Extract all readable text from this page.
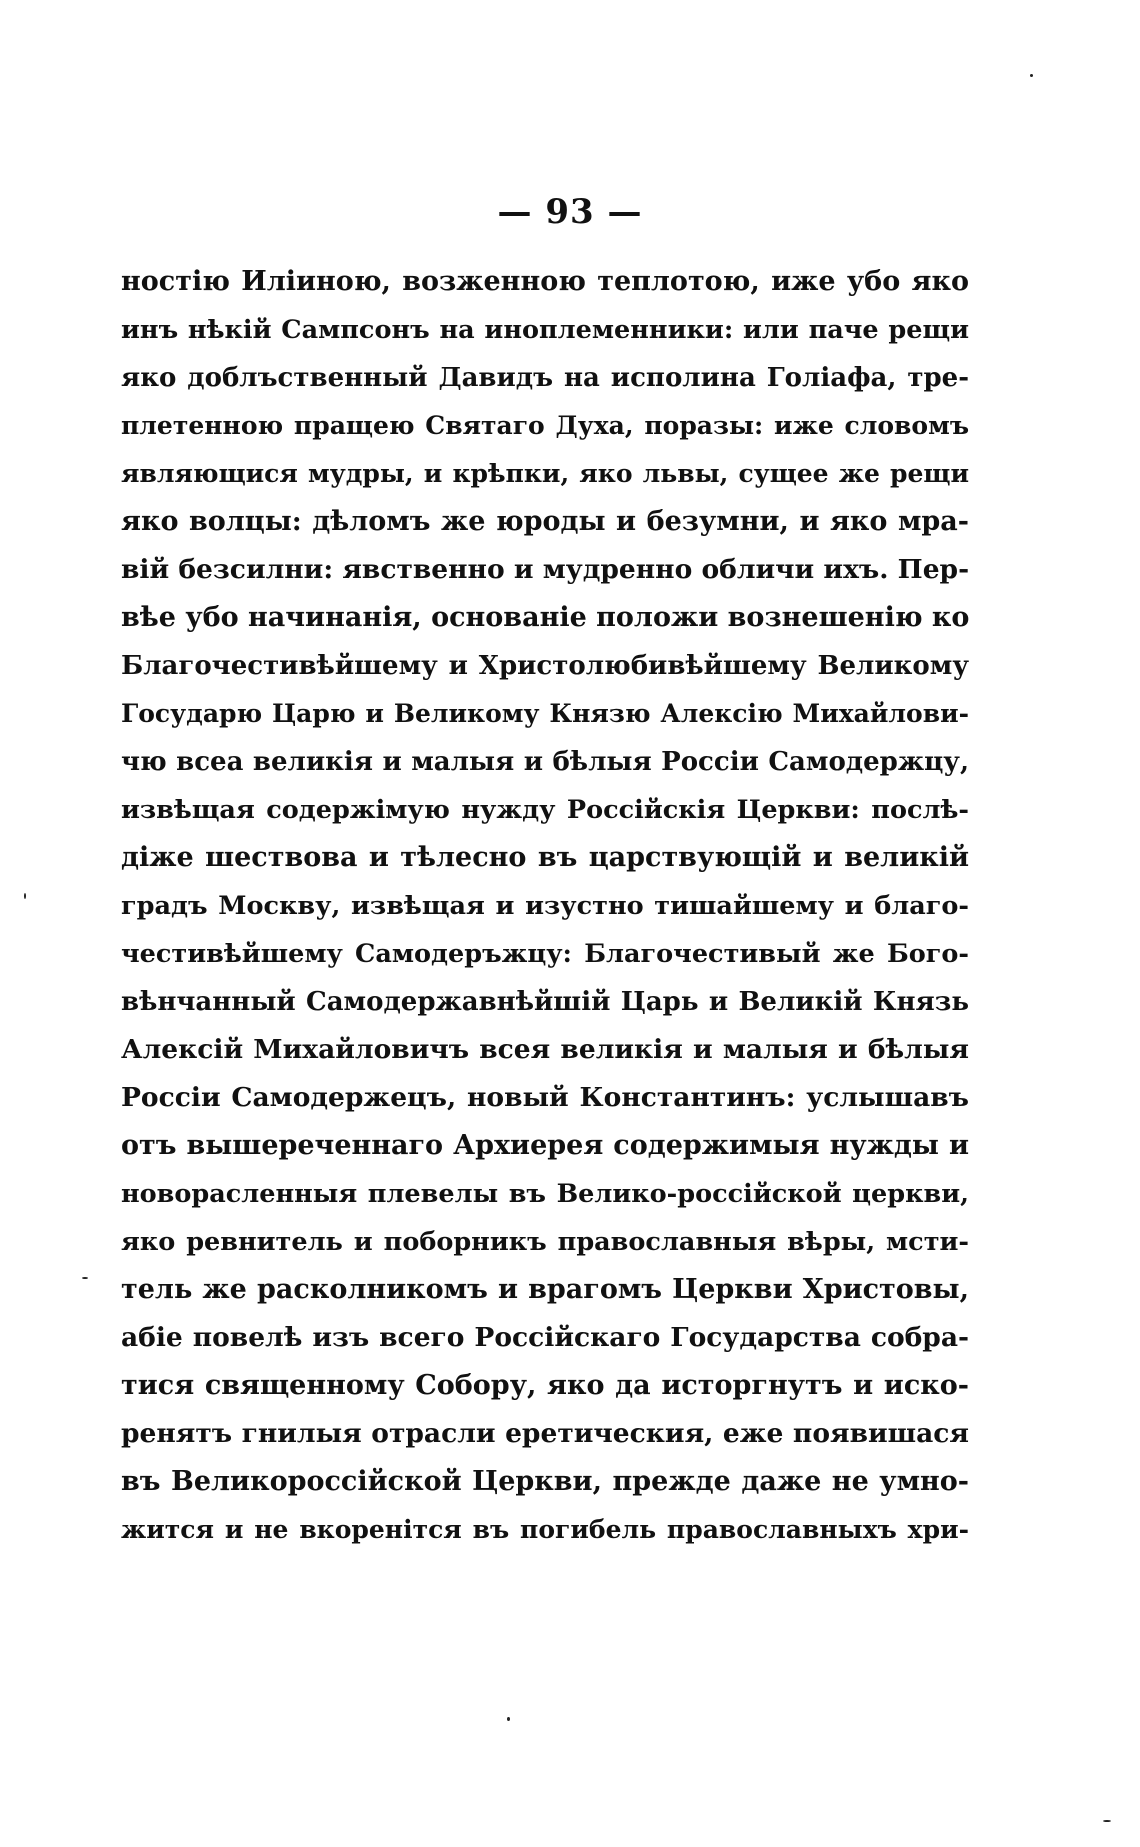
— 93 —
ностію Иліиною, возженною теплотою, иже убо яко
инъ нѣкій Сампсонъ на иноплеменники: или паче рещи
яко доблъственный Давидъ на исполина Голіафа, тре-
плетенною пращею Святаго Духа, поразы: иже словомъ
являющися мудры, и крѣпки, яко львы, сущее же рещи
яко волцы: дѣломъ же юроды и безумни, и яко мра-
вій безсилни: явственно и мудренно обличи ихъ. Пер-
вѣе убо начинанія, основаніе положи вознешенію ко
Благочестивѣйшему и Христолюбивѣйшему Великому
Государю Царю и Великому Князю Алексію Михайлови-
чю всеа великія и малыя и бѣлыя Россіи Самодержцу,
извѣщая содержімую нужду Россійскія Церкви: послѣ-
діже шествова и тѣлесно въ царствующій и великій
градъ Москву, извѣщая и изустно тишайшему и благо-
честивѣйшему Самодеръжцу: Благочестивый же Бого-
вѣнчанный Самодержавнѣйшій Царь и Великій Князь
Алексій Михайловичъ всея великія и малыя и бѣлыя
Россіи Самодержецъ, новый Константинъ: услышавъ
отъ вышереченнаго Архиерея содержимыя нужды и
новорасленныя плевелы въ Велико-россійской церкви,
яко ревнитель и поборникъ православныя вѣры, мсти-
тель же расколникомъ и врагомъ Церкви Христовы,
абіе повелѣ изъ всего Россійскаго Государства собра-
тися священному Собору, яко да исторгнутъ и иско-
ренятъ гнилыя отрасли еретическия, еже появишася
въ Великороссійской Церкви, прежде даже не умно-
жится и не вкоренітся въ погибель православныхъ хри-
